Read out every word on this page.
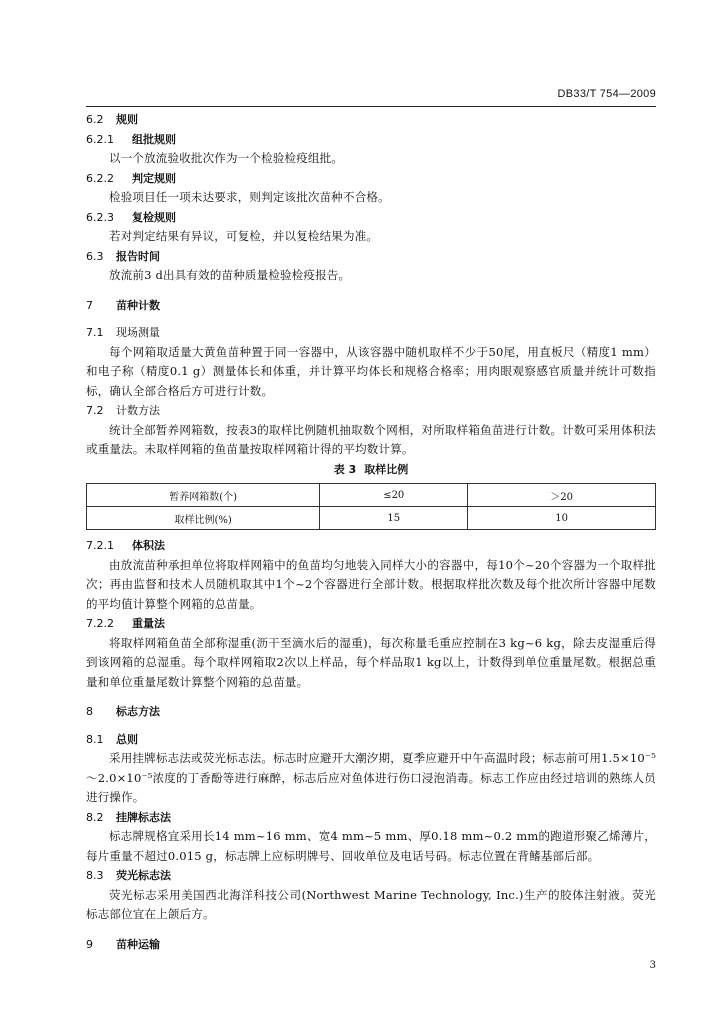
DB33/T 754—2009
6.2 规则
6.2.1 组批规则
以一个放流验收批次作为一个检验检疫组批。
6.2.2 判定规则
检验项目任一项未达要求，则判定该批次苗种不合格。
6.2.3 复检规则
若对判定结果有异议，可复检，并以复检结果为准。
6.3 报告时间
放流前3 d出具有效的苗种质量检验检疫报告。
7 苗种计数
7.1 现场测量
每个网箱取适量大黄鱼苗种置于同一容器中，从该容器中随机取样不少于50尾，用直板尺（精度1 mm）和电子称（精度0.1 g）测量体长和体重，并计算平均体长和规格合格率；用肉眼观察感官质量并统计可数指标，确认全部合格后方可进行计数。
7.2 计数方法
统计全部暂养网箱数，按表3的取样比例随机抽取数个网相，对所取样箱鱼苗进行计数。计数可采用体积法或重量法。未取样网箱的鱼苗量按取样网箱计得的平均数计算。
表 3 取样比例
暂养网箱数(个)	≤20	＞20
取样比例(%)	15	10
7.2.1 体积法
由放流苗种承担单位将取样网箱中的鱼苗均匀地装入同样大小的容器中，每10个~20个容器为一个取样批次；再由监督和技术人员随机取其中1个~2个容器进行全部计数。根据取样批次数及每个批次所计容器中尾数的平均值计算整个网箱的总苗量。
7.2.2 重量法
将取样网箱鱼苗全部称湿重(沥干至滴水后的湿重)，每次称量毛重应控制在3 kg~6 kg，除去皮湿重后得到该网箱的总湿重。每个取样网箱取2次以上样品，每个样品取1 kg以上，计数得到单位重量尾数。根据总重量和单位重量尾数计算整个网箱的总苗量。
8 标志方法
8.1 总则
采用挂牌标志法或荧光标志法。标志时应避开大潮汐期，夏季应避开中午高温时段；标志前可用1.5×10⁻⁵～2.0×10⁻⁵浓度的丁香酚等进行麻醉，标志后应对鱼体进行伤口浸泡消毒。标志工作应由经过培训的熟练人员进行操作。
8.2 挂牌标志法
标志牌规格宜采用长14 mm~16 mm、宽4 mm~5 mm、厚0.18 mm~0.2 mm的跑道形聚乙烯薄片，每片重量不超过0.015 g，标志牌上应标明牌号、回收单位及电话号码。标志位置在背鳍基部后部。
8.3 荧光标志法
荧光标志采用美国西北海洋科技公司(Northwest Marine Technology, Inc.)生产的胶体注射液。荧光标志部位宜在上颌后方。
9 苗种运输
3
